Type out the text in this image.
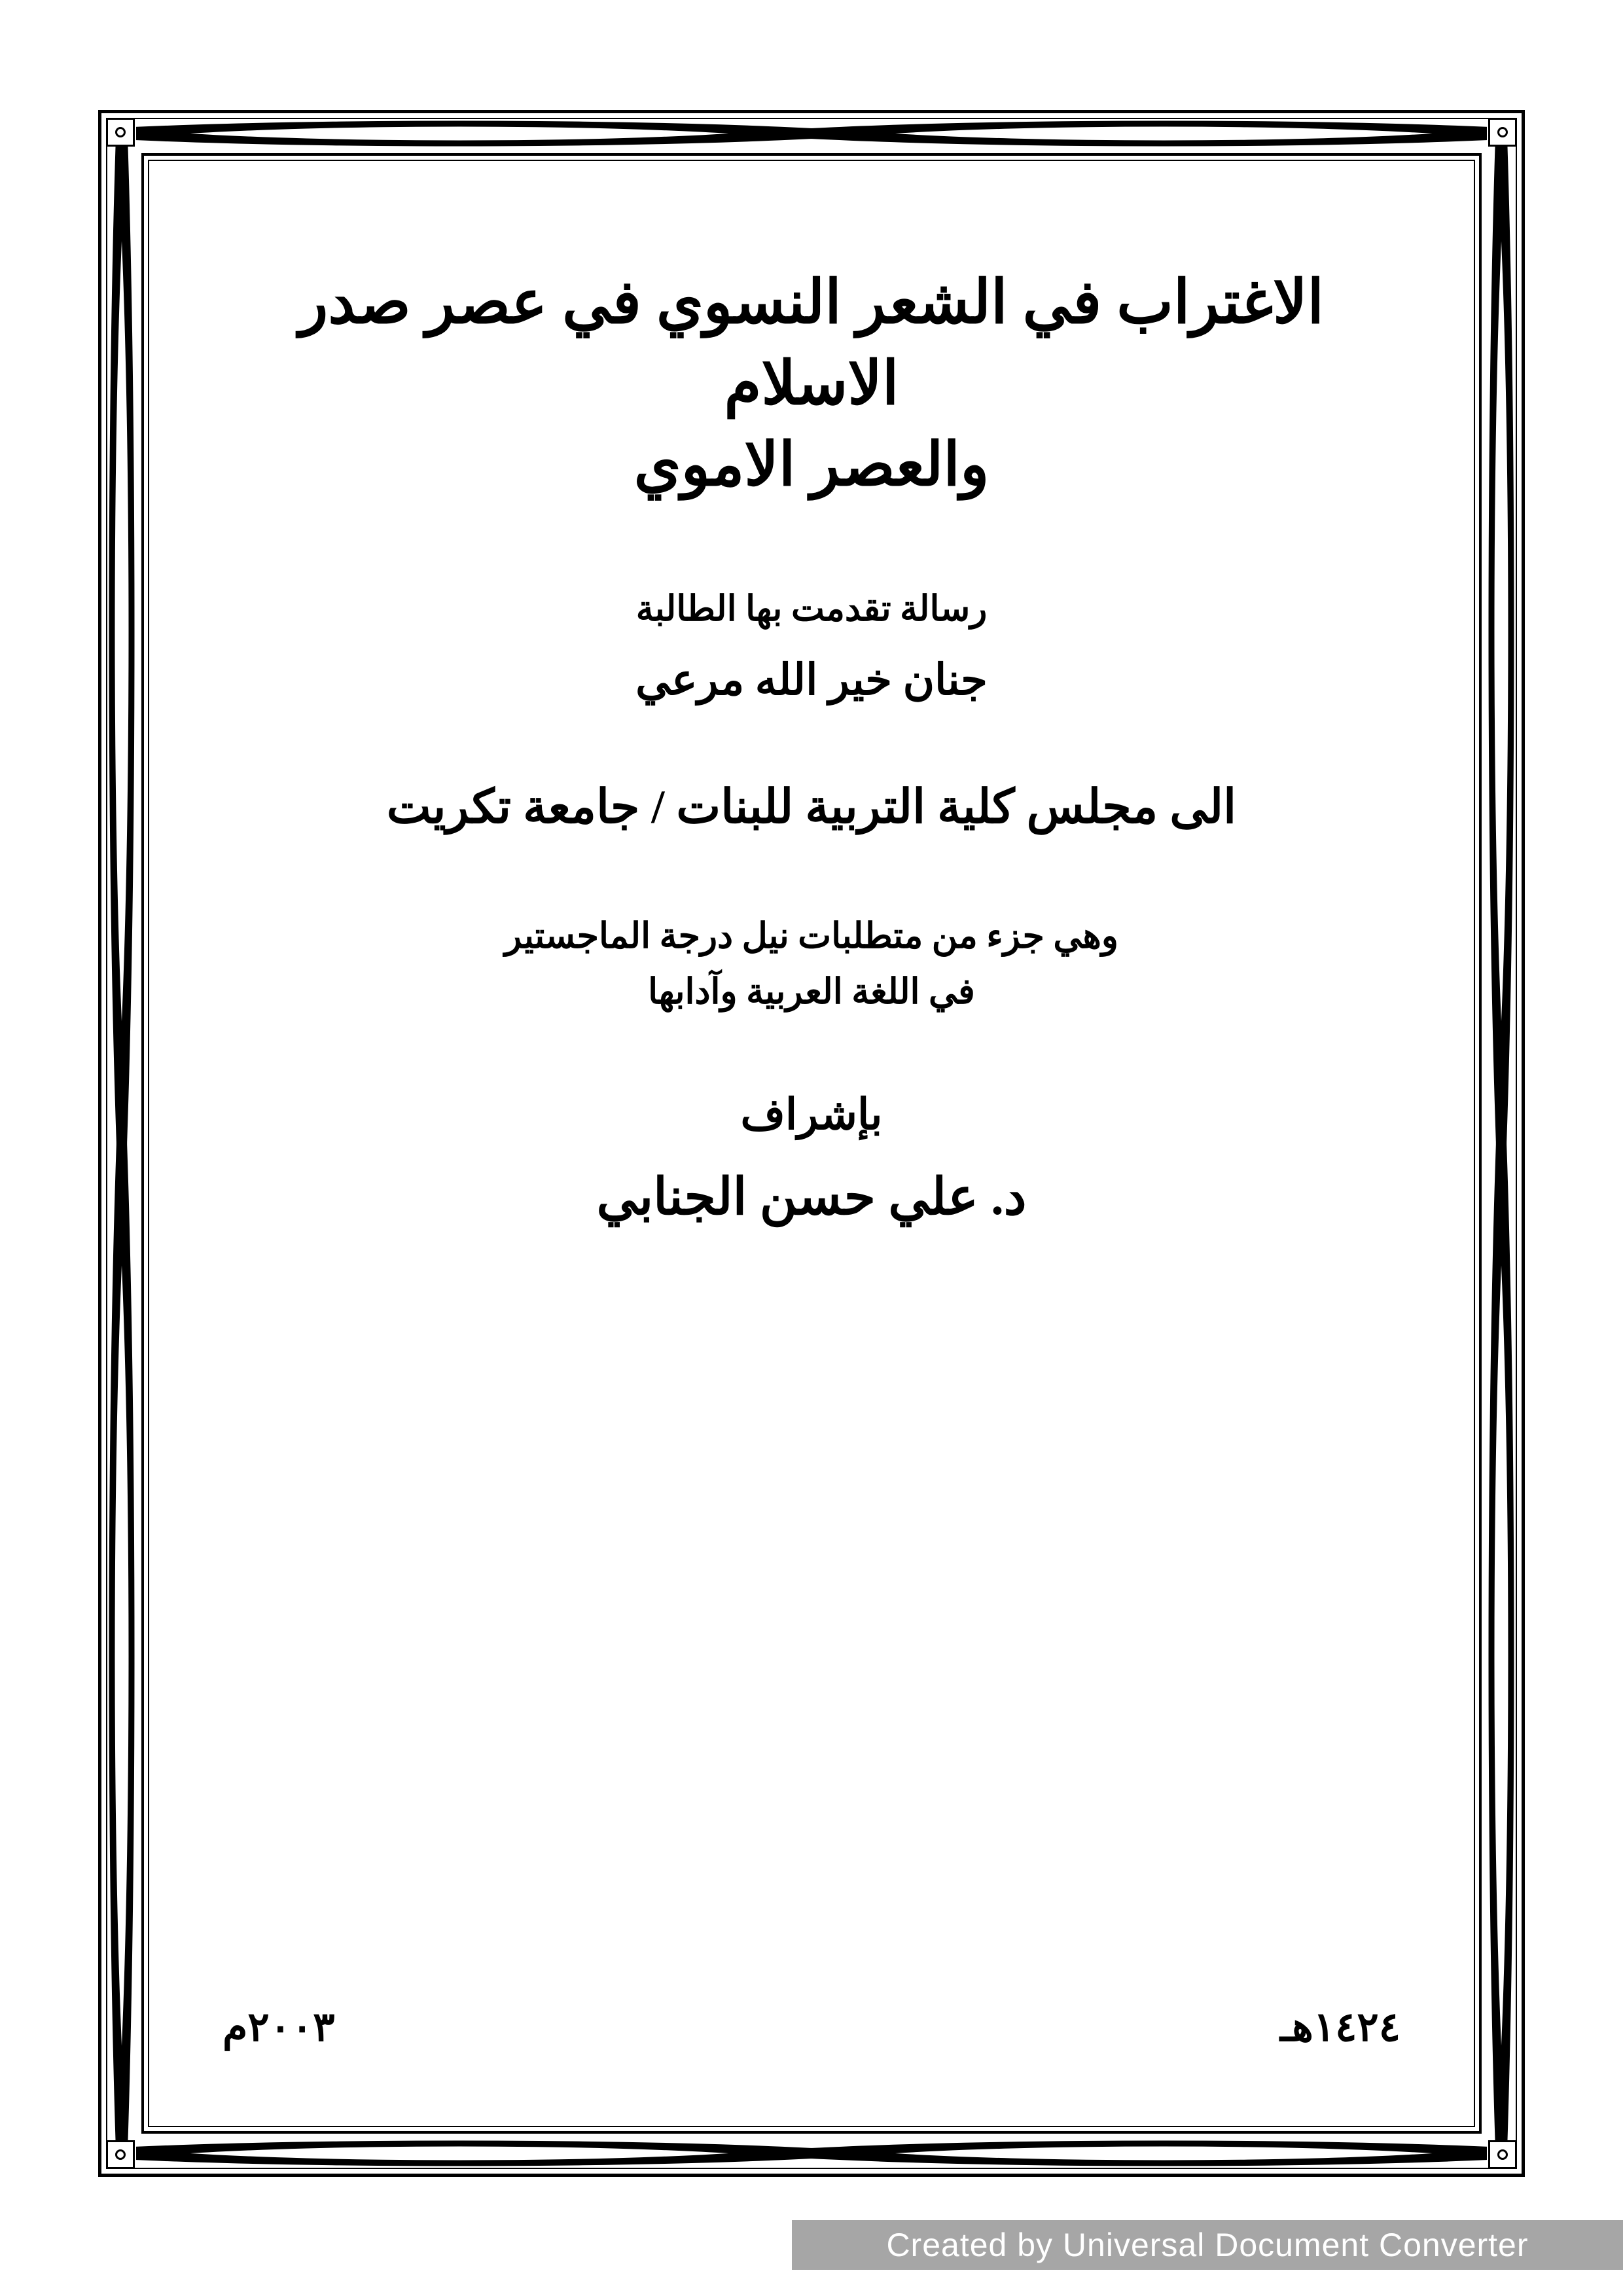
الاغتراب في الشعر النسوي في عصر صدر الاسلام
والعصر الاموي

رسالة تقدمت بها الطالبة

جنان خير الله مرعي

الى مجلس كلية التربية للبنات / جامعة تكريت

وهي جزء من متطلبات نيل درجة الماجستير

في اللغة العربية وآدابها

بإشراف

د. علي حسن الجنابي

١٤٢٤هـ
٢٠٠٣م
Created by Universal Document Converter
